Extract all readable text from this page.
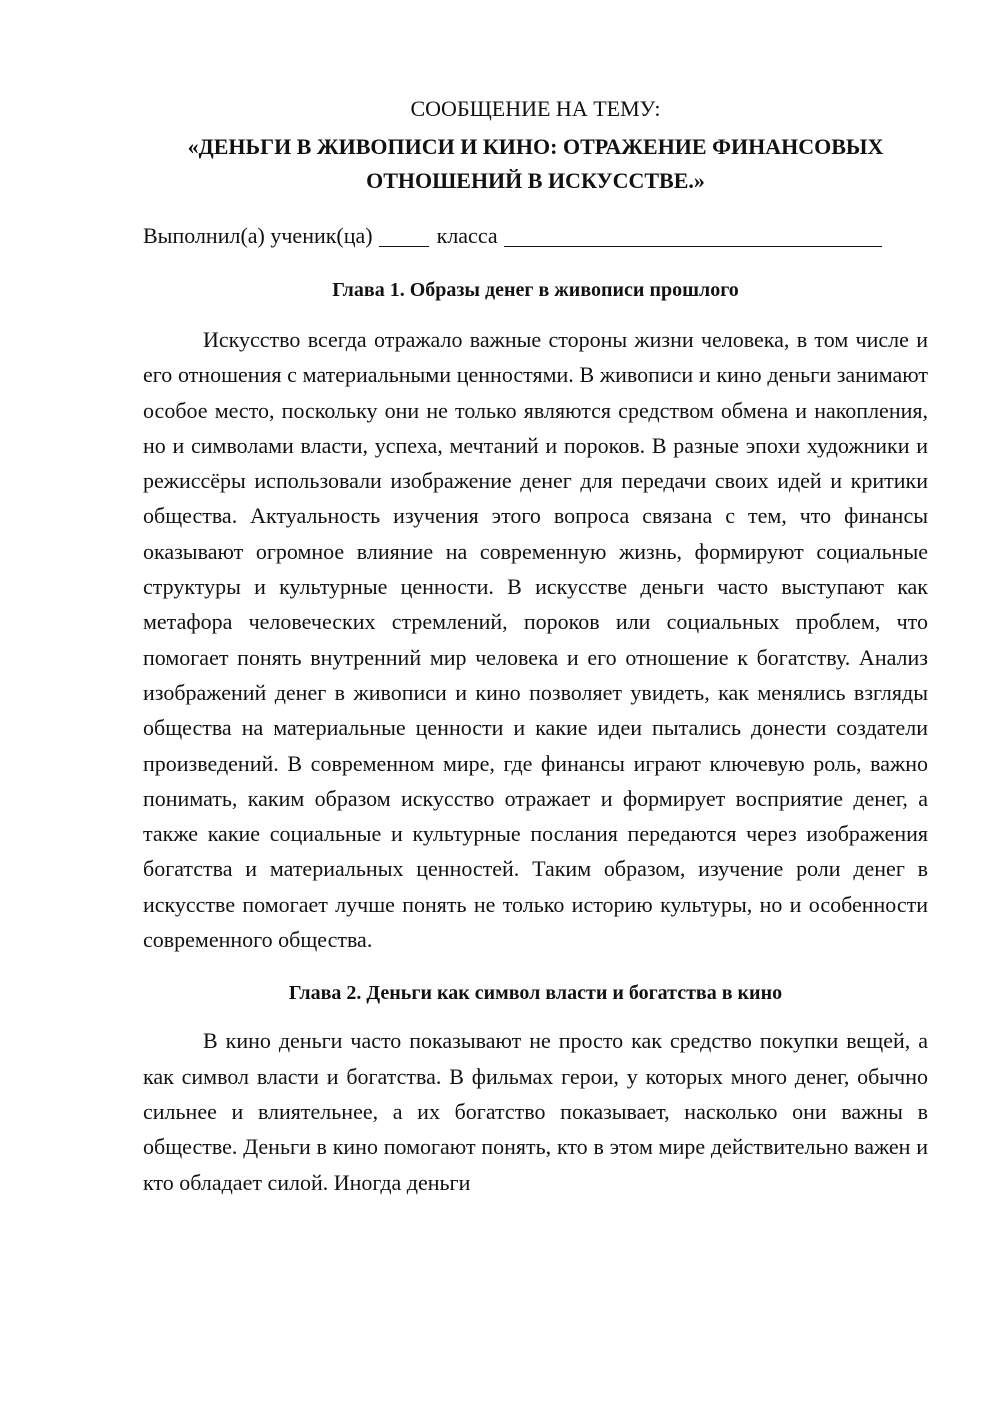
СООБЩЕНИЕ НА ТЕМУ:

«ДЕНЬГИ В ЖИВОПИСИ И КИНО: ОТРАЖЕНИЕ ФИНАНСОВЫХ
ОТНОШЕНИЙ В ИСКУССТВЕ.»

Выполнил(а) ученик(ца)	класса

Глава 1. Образы денег в живописи прошлого

Искусство всегда отражало важные стороны жизни человека, в том числе и его отношения с материальными ценностями. В живописи и кино деньги занимают особое место, поскольку они не только являются средством обмена и накопления, но и символами власти, успеха, мечтаний и пороков. В разные эпохи художники и режиссёры использовали изображение денег для передачи своих идей и критики общества. Актуальность изучения этого вопроса связана с тем, что финансы оказывают огромное влияние на современную жизнь, формируют социальные структуры и культурные ценности. В искусстве деньги часто выступают как метафора человеческих стремлений, пороков или социальных проблем, что помогает понять внутренний мир человека и его отношение к богатству. Анализ изображений денег в живописи и кино позволяет увидеть, как менялись взгляды общества на материальные ценности и какие идеи пытались донести создатели произведений. В современном мире, где финансы играют ключевую роль, важно понимать, каким образом искусство отражает и формирует восприятие денег, а также какие социальные и культурные послания передаются через изображения богатства и материальных ценностей. Таким образом, изучение роли денег в искусстве помогает лучше понять не только историю культуры, но и особенности современного общества.

Глава 2. Деньги как символ власти и богатства в кино

В кино деньги часто показывают не просто как средство покупки вещей, а как символ власти и богатства. В фильмах герои, у которых много денег, обычно сильнее и влиятельнее, а их богатство показывает, насколько они важны в обществе. Деньги в кино помогают понять, кто в этом мире действительно важен и кто обладает силой. Иногда деньги
